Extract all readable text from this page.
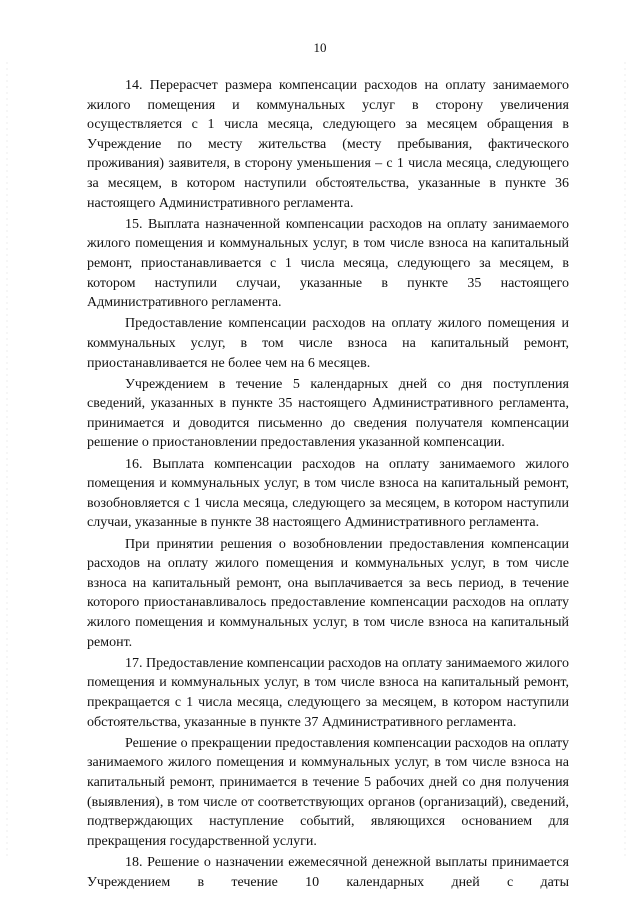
10

14. Перерасчет размера компенсации расходов на оплату занимаемого жилого помещения и коммунальных услуг в сторону увеличения осуществляется с 1 числа месяца, следующего за месяцем обращения в Учреждение по месту жительства (месту пребывания, фактического проживания) заявителя, в сторону уменьшения – с 1 числа месяца, следующего за месяцем, в котором наступили обстоятельства, указанные в пункте 36 настоящего Административного регламента.

15. Выплата назначенной компенсации расходов на оплату занимаемого жилого помещения и коммунальных услуг, в том числе взноса на капитальный ремонт, приостанавливается с 1 числа месяца, следующего за месяцем, в котором наступили случаи, указанные в пункте 35 настоящего Административного регламента.

Предоставление компенсации расходов на оплату жилого помещения и коммунальных услуг, в том числе взноса на капитальный ремонт, приостанавливается не более чем на 6 месяцев.

Учреждением в течение 5 календарных дней со дня поступления сведений, указанных в пункте 35 настоящего Административного регламента, принимается и доводится письменно до сведения получателя компенсации решение о приостановлении предоставления указанной компенсации.

16. Выплата компенсации расходов на оплату занимаемого жилого помещения и коммунальных услуг, в том числе взноса на капитальный ремонт, возобновляется с 1 числа месяца, следующего за месяцем, в котором наступили случаи, указанные в пункте 38 настоящего Административного регламента.

При принятии решения о возобновлении предоставления компенсации расходов на оплату жилого помещения и коммунальных услуг, в том числе взноса на капитальный ремонт, она выплачивается за весь период, в течение которого приостанавливалось предоставление компенсации расходов на оплату жилого помещения и коммунальных услуг, в том числе взноса на капитальный ремонт.

17. Предоставление компенсации расходов на оплату занимаемого жилого помещения и коммунальных услуг, в том числе взноса на капитальный ремонт, прекращается с 1 числа месяца, следующего за месяцем, в котором наступили обстоятельства, указанные в пункте 37 Административного регламента.

Решение о прекращении предоставления компенсации расходов на оплату занимаемого жилого помещения и коммунальных услуг, в том числе взноса на капитальный ремонт, принимается в течение 5 рабочих дней со дня получения (выявления), в том числе от соответствующих органов (организаций), сведений, подтверждающих наступление событий, являющихся основанием для прекращения государственной услуги.

18. Решение о назначении ежемесячной денежной выплаты принимается Учреждением в течение 10 календарных дней с даты
